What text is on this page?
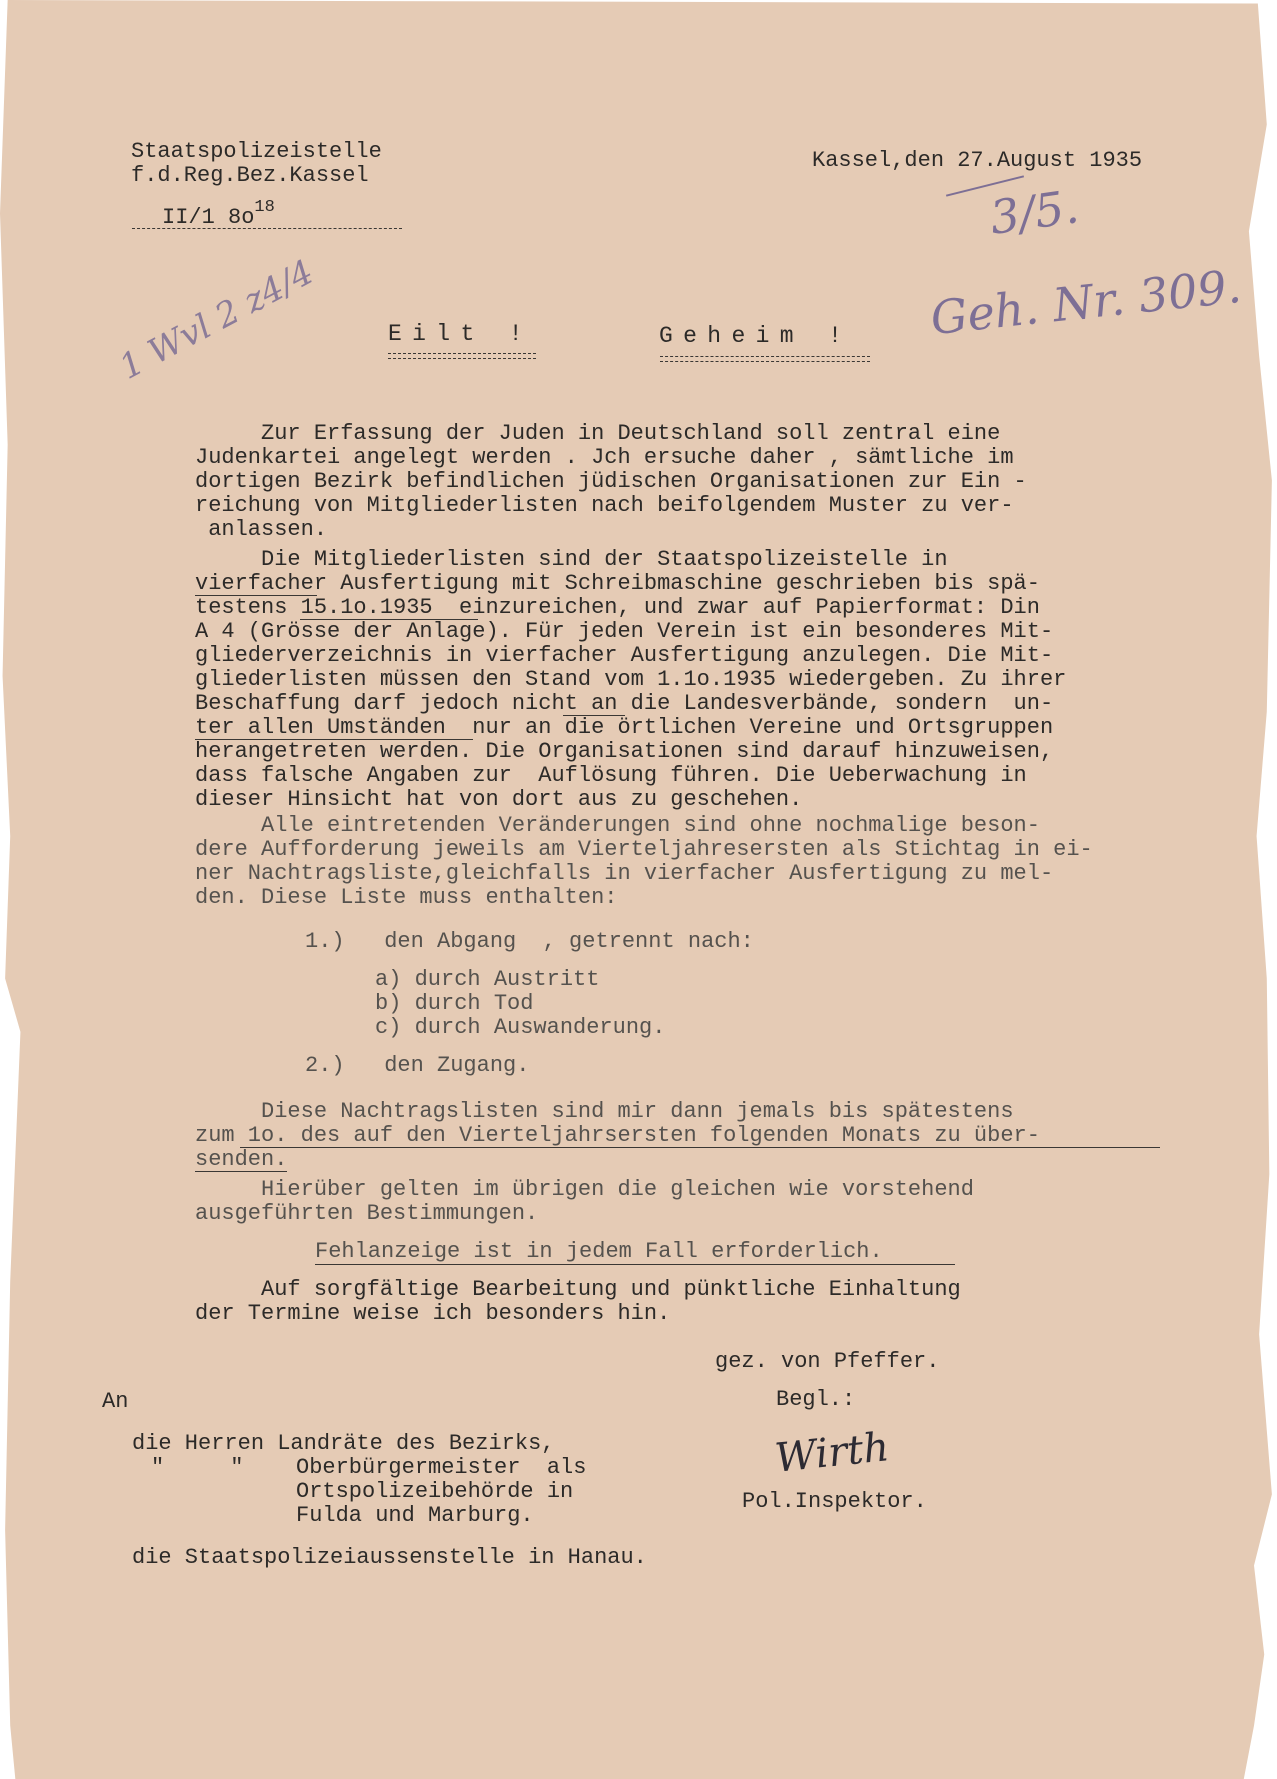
Staatspolizeistelle
f.d.Reg.Bez.Kassel
II/1 $8o^{18}$
Kassel,den 27.August 1935
3/5.
Geh. Nr. 309.
1 Wvl 2 z4/4	Eilt !	Geheim !
Zur Erfassung der Juden in Deutschland soll zentral eine
Judenkartei angelegt werden . Jch ersuche daher , sämtliche im
dortigen Bezirk befindlichen jüdischen Organisationen zur Ein -
reichung von Mitgliederlisten nach beifolgendem Muster zu ver-
anlassen.
Die Mitgliederlisten sind der Staatspolizeistelle in
vierfacher Ausfertigung mit Schreibmaschine geschrieben bis spä-
testens 15.1o.1935  einzureichen, und zwar auf Papierformat: Din
A 4 (Grösse der Anlage). Für jeden Verein ist ein besonderes Mit-
gliederverzeichnis in vierfacher Ausfertigung anzulegen. Die Mit-
gliederlisten müssen den Stand vom 1.1o.1935 wiedergeben. Zu ihrer
Beschaffung darf jedoch nicht an die Landesverbände, sondern  un-
ter allen Umständen  nur an die örtlichen Vereine und Ortsgruppen
herangetreten werden. Die Organisationen sind darauf hinzuweisen,
dass falsche Angaben zur  Auflösung führen. Die Ueberwachung in
dieser Hinsicht hat von dort aus zu geschehen.
Alle eintretenden Veränderungen sind ohne nochmalige beson-
dere Aufforderung jeweils am Vierteljahresersten als Stichtag in ei-
ner Nachtragsliste,gleichfalls in vierfacher Ausfertigung zu mel-
den. Diese Liste muss enthalten:
1.)   den Abgang  , getrennt nach:
a) durch Austritt
b) durch Tod
c) durch Auswanderung.
2.)   den Zugang.
Diese Nachtragslisten sind mir dann jemals bis spätestens
zum 1o. des auf den Vierteljahrsersten folgenden Monats zu über-
senden.
Hierüber gelten im übrigen die gleichen wie vorstehend
ausgeführten Bestimmungen.
Fehlanzeige ist in jedem Fall erforderlich.
Auf sorgfältige Bearbeitung und pünktliche Einhaltung
der Termine weise ich besonders hin.
gez. von Pfeffer.
Begl.:
Wirth
Pol.Inspektor.
An
die Herren Landräte des Bezirks,
"     " Oberbürgermeister  als
Ortspolizeibehörde in
Fulda und Marburg.
die Staatspolizeiaussenstelle in Hanau.
